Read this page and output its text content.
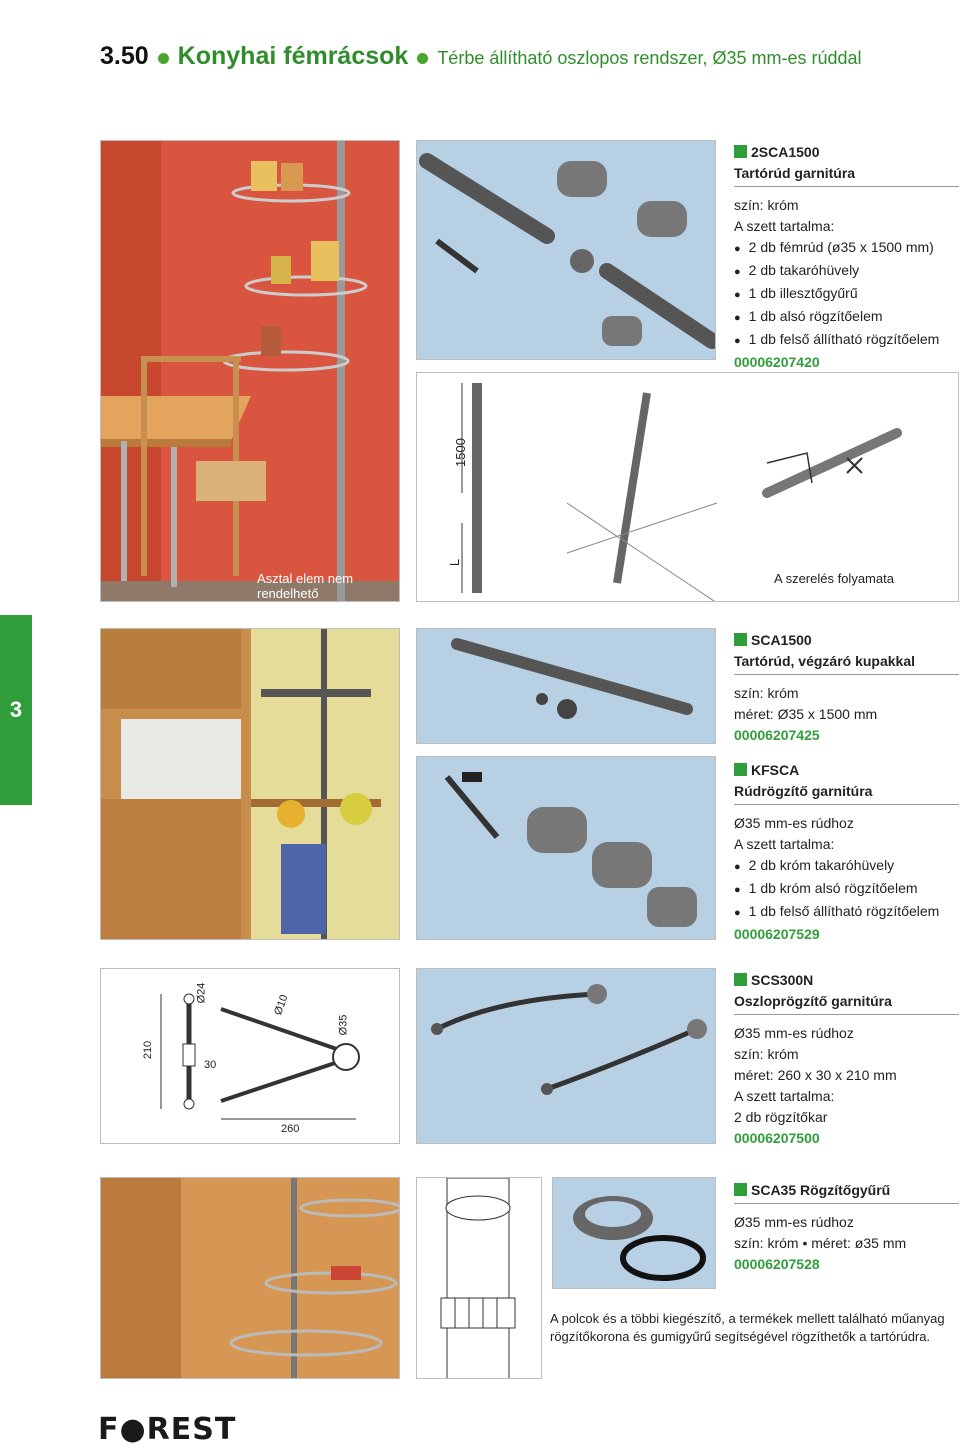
3.50 Konyhai fémrácsok Térbe állítható oszlopos rendszer, Ø35 mm-es rúddal
3
Asztal elem nem rendelhető
2SCA1500
Tartórúd garnitúra
szín: króm
A szett tartalma:
● 2 db fémrúd (ø35 x 1500 mm)
● 2 db takaróhüvely
● 1 db illesztőgyűrű
● 1 db alsó rögzítőelem
● 1 db felső állítható rögzítőelem
00006207420
1500
L
A szerelés folyamata
SCA1500
Tartórúd, végzáró kupakkal
szín: króm
méret: Ø35 x 1500 mm
00006207425
KFSCA
Rúdrögzítő garnitúra
Ø35 mm-es rúdhoz
A szett tartalma:
● 2 db króm takaróhüvely
● 1 db króm alsó rögzítőelem
● 1 db felső állítható rögzítőelem
00006207529
210
Ø24
30
Ø10
Ø35
260
SCS300N
Oszloprögzítő garnitúra
Ø35 mm-es rúdhoz
szín: króm
méret: 260 x 30 x 210 mm
A szett tartalma:
2 db rögzítőkar
00006207500
SCA35 Rögzítőgyűrű
Ø35 mm-es rúdhoz
szín: króm • méret: ø35 mm
00006207528
A polcok és a többi kiegészítő, a termékek mellett található műanyag rögzítőkorona és gumigyűrű segítségével rögzíthetők a tartórúdra.
F●REST
